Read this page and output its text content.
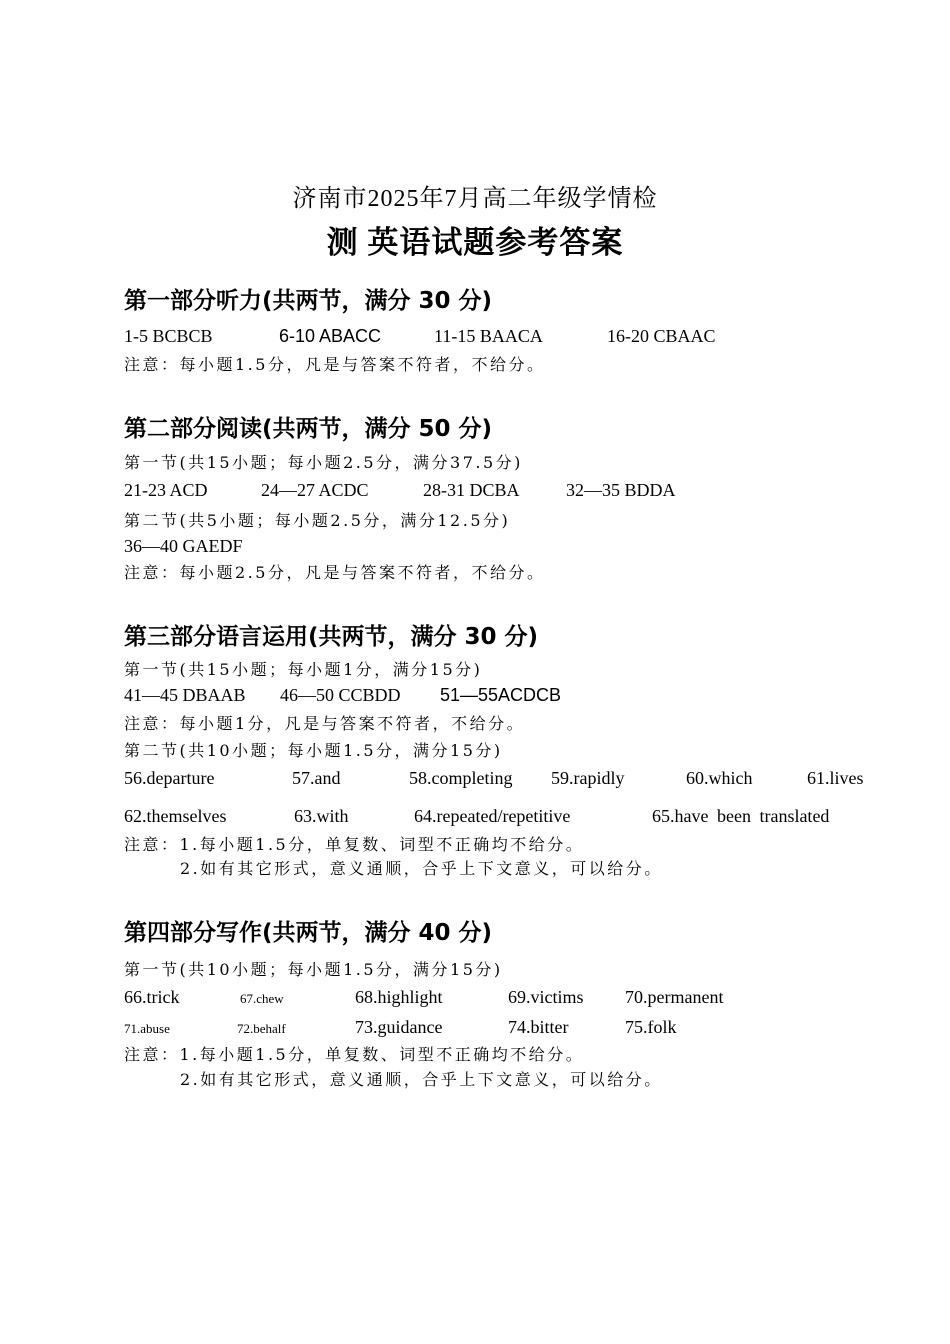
济南市2025年7月高二年级学情检
测 英语试题参考答案
第一部分听力(共两节，满分 30 分)
1-5 BCBCB	6-10 ABACC	11-15 BAACA	16-20 CBAAC
注意：每小题1.5分，凡是与答案不符者，不给分。
第二部分阅读(共两节，满分 50 分)
第一节(共15小题；每小题2.5分，满分37.5分)
21-23 ACD	24—27 ACDC	28-31 DCBA	32—35 BDDA
第二节(共5小题；每小题2.5分，满分12.5分)
36—40 GAEDF
注意：每小题2.5分，凡是与答案不符者，不给分。
第三部分语言运用(共两节，满分 30 分)
第一节(共15小题；每小题1分，满分15分)
41—45 DBAAB 46—50 CCBDD 51—55ACDCB
注意：每小题1分，凡是与答案不符者，不给分。
第二节(共10小题；每小题1.5分，满分15分)
56.departure	57.and	58.completing 59.rapidly	60.which	61.lives
62.themselves	63.with	64.repeated/repetitive	65.have been translated
注意：1.每小题1.5分，单复数、词型不正确均不给分。
2.如有其它形式，意义通顺，合乎上下文意义，可以给分。
第四部分写作(共两节，满分 40 分)
第一节(共10小题；每小题1.5分，满分15分)
66.trick	67.chew	68.highlight	69.victims 70.permanent
71.abuse	72.behalf	73.guidance	74.bitter	75.folk
注意：1.每小题1.5分，单复数、词型不正确均不给分。
2.如有其它形式，意义通顺，合乎上下文意义，可以给分。
